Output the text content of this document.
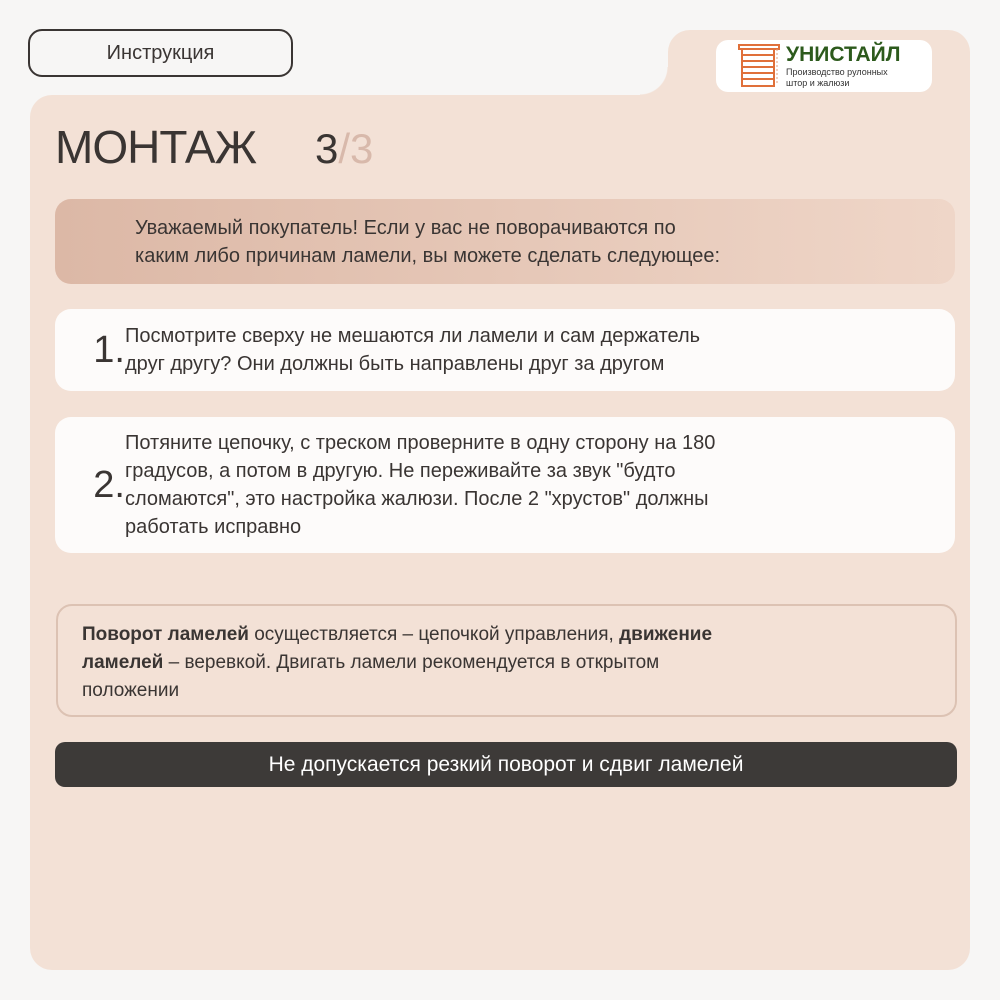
Инструкция	УНИСТАЙЛ
Производство рулонных
штор и жалюзи
МОНТАЖ 3/3
Уважаемый покупатель! Если у вас не поворачиваются по
каким либо причинам ламели, вы можете сделать следующее:
1. Посмотрите сверху не мешаются ли ламели и сам держатель
друг другу? Они должны быть направлены друг за другом
2.
Потяните цепочку, с треском проверните в одну сторону на 180
градусов, а потом в другую. Не переживайте за звук "будто
сломаются", это настройка жалюзи. После 2 "хрустов" должны
работать исправно
Поворот ламелей осуществляется – цепочкой управления, движение
ламелей – веревкой. Двигать ламели рекомендуется в открытом
положении
Не допускается резкий поворот и сдвиг ламелей
